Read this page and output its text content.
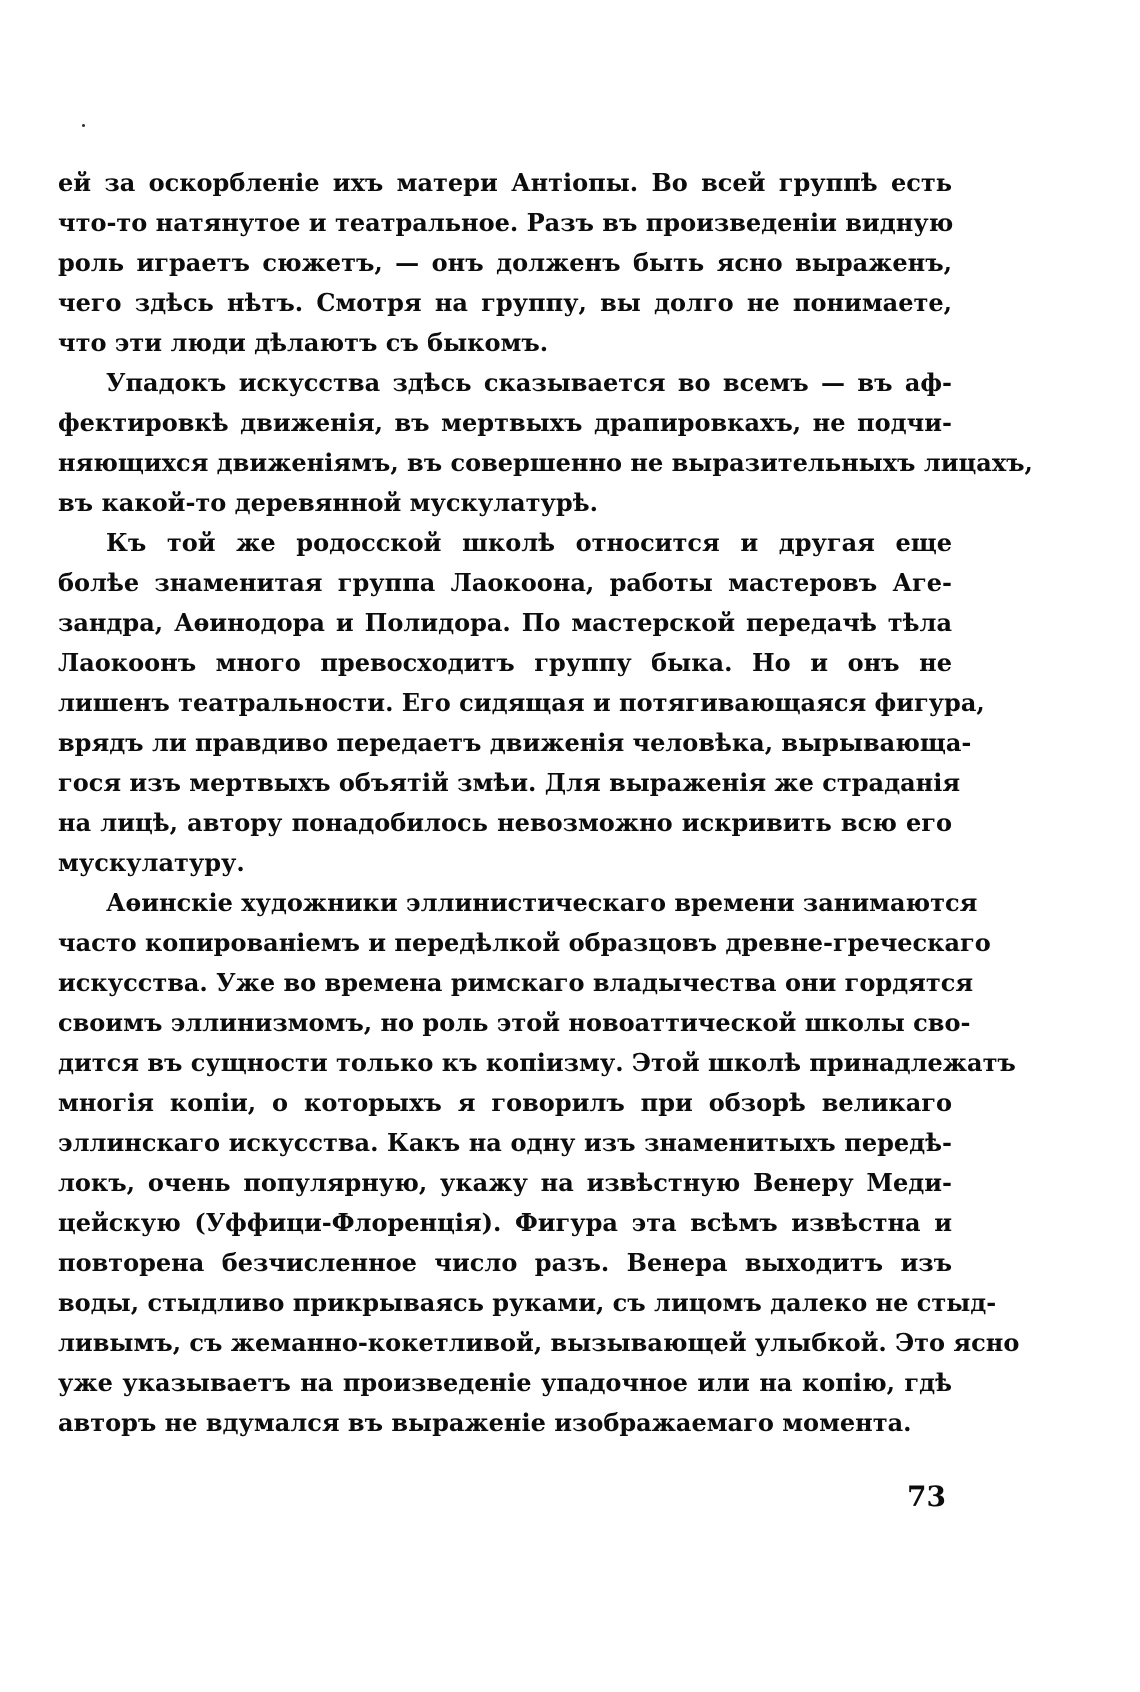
ей за оскорбленіе ихъ матери Антіопы. Во всей группѣ есть
что-то натянутое и театральное. Разъ въ произведеніи видную
роль играетъ сюжетъ, — онъ долженъ быть ясно выраженъ,
чего здѣсь нѣтъ. Смотря на группу, вы долго не понимаете,
что эти люди дѣлаютъ съ быкомъ.
Упадокъ искусства здѣсь сказывается во всемъ — въ аф-
фектировкѣ движенія, въ мертвыхъ драпировкахъ, не подчи-
няющихся движеніямъ, въ совершенно не выразительныхъ лицахъ,
въ какой-то деревянной мускулатурѣ.
Къ той же родосской школѣ относится и другая еще
болѣе знаменитая группа Лаокоона, работы мастеровъ Аге-
зандра, Аѳинодора и Полидора. По мастерской передачѣ тѣла
Лаокоонъ много превосходитъ группу быка. Но и онъ не
лишенъ театральности. Его сидящая и потягивающаяся фигура,
врядъ ли правдиво передаетъ движенія человѣка, вырывающа-
гося изъ мертвыхъ объятій змѣи. Для выраженія же страданія
на лицѣ, автору понадобилось невозможно искривить всю его
мускулатуру.
Аѳинскіе художники эллинистическаго времени занимаются
часто копированіемъ и передѣлкой образцовъ древне-греческаго
искусства. Уже во времена римскаго владычества они гордятся
своимъ эллинизмомъ, но роль этой новоаттической школы сво-
дится въ сущности только къ копіизму. Этой школѣ принадлежатъ
многія копіи, о которыхъ я говорилъ при обзорѣ великаго
эллинскаго искусства. Какъ на одну изъ знаменитыхъ передѣ-
локъ, очень популярную, укажу на извѣстную Венеру Меди-
цейскую (Уффици-Флоренція). Фигура эта всѣмъ извѣстна и
повторена безчисленное число разъ. Венера выходитъ изъ
воды, стыдливо прикрываясь руками, съ лицомъ далеко не стыд-
ливымъ, съ жеманно-кокетливой, вызывающей улыбкой. Это ясно
уже указываетъ на произведеніе упадочное или на копію, гдѣ
авторъ не вдумался въ выраженіе изображаемаго момента.
73
